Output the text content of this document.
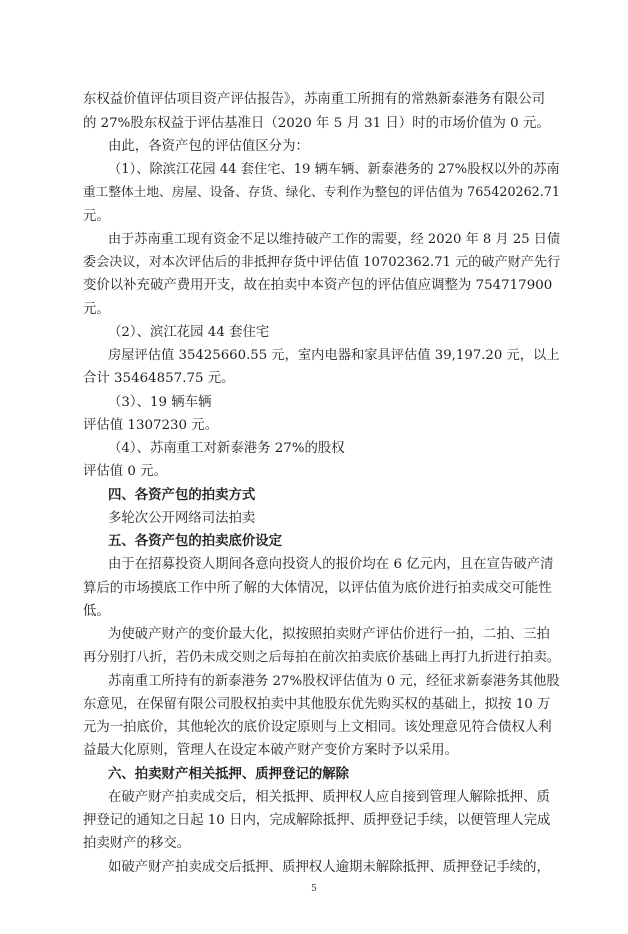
东权益价值评估项目资产评估报告》，苏南重工所拥有的常熟新泰港务有限公司
的 27%股东权益于评估基准日（2020 年 5 月 31 日）时的市场价值为 0 元。
由此，各资产包的评估值区分为：
（1）、除滨江花园 44 套住宅、19 辆车辆、新泰港务的 27%股权以外的苏南
重工整体土地、房屋、设备、存货、绿化、专利作为整包的评估值为 765420262.71
元。
由于苏南重工现有资金不足以维持破产工作的需要，经 2020 年 8 月 25 日债
委会决议，对本次评估后的非抵押存货中评估值 10702362.71 元的破产财产先行
变价以补充破产费用开支，故在拍卖中本资产包的评估值应调整为 754717900
元。
（2）、滨江花园 44 套住宅
房屋评估值 35425660.55 元，室内电器和家具评估值 39,197.20 元，以上
合计 35464857.75 元。
（3）、19 辆车辆
评估值 1307230 元。
（4）、苏南重工对新泰港务 27%的股权
评估值 0 元。
四、各资产包的拍卖方式
多轮次公开网络司法拍卖
五、各资产包的拍卖底价设定
由于在招募投资人期间各意向投资人的报价均在 6 亿元内，且在宣告破产清
算后的市场摸底工作中所了解的大体情况，以评估值为底价进行拍卖成交可能性
低。
为使破产财产的变价最大化，拟按照拍卖财产评估价进行一拍，二拍、三拍
再分别打八折，若仍未成交则之后每拍在前次拍卖底价基础上再打九折进行拍卖。
苏南重工所持有的新泰港务 27%股权评估值为 0 元，经征求新泰港务其他股
东意见，在保留有限公司股权拍卖中其他股东优先购买权的基础上，拟按 10 万
元为一拍底价，其他轮次的底价设定原则与上文相同。该处理意见符合债权人利
益最大化原则，管理人在设定本破产财产变价方案时予以采用。
六、拍卖财产相关抵押、质押登记的解除
在破产财产拍卖成交后，相关抵押、质押权人应自接到管理人解除抵押、质
押登记的通知之日起 10 日内，完成解除抵押、质押登记手续，以便管理人完成
拍卖财产的移交。
如破产财产拍卖成交后抵押、质押权人逾期未解除抵押、质押登记手续的，
5
